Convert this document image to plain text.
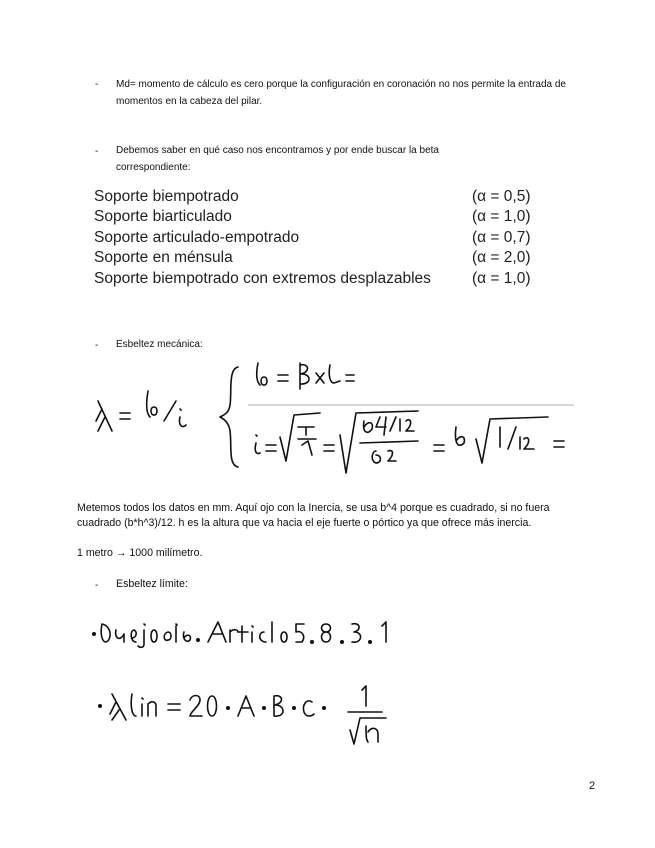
- Md= momento de cálculo es cero porque la configuración en coronación no nos permite la entrada de momentos en la cabeza del pilar.
- Debemos saber en qué caso nos encontramos y por ende buscar la beta correspondiente:
Soporte biempotrado	(α = 0,5)
Soporte biarticulado	(α = 1,0)
Soporte articulado-empotrado	(α = 0,7)
Soporte en ménsula	(α = 2,0)
Soporte biempotrado con extremos desplazables	(α = 1,0)
- Esbeltez mecánica:
Metemos todos los datos en mm. Aquí ojo con la Inercia, se usa b^4 porque es cuadrado, si no fuera cuadrado (b*h^3)/12. h es la altura que va hacia el eje fuerte o pórtico ya que ofrece más inercia.
1 metro → 1000 milímetro.
- Esbeltez límite:
2
